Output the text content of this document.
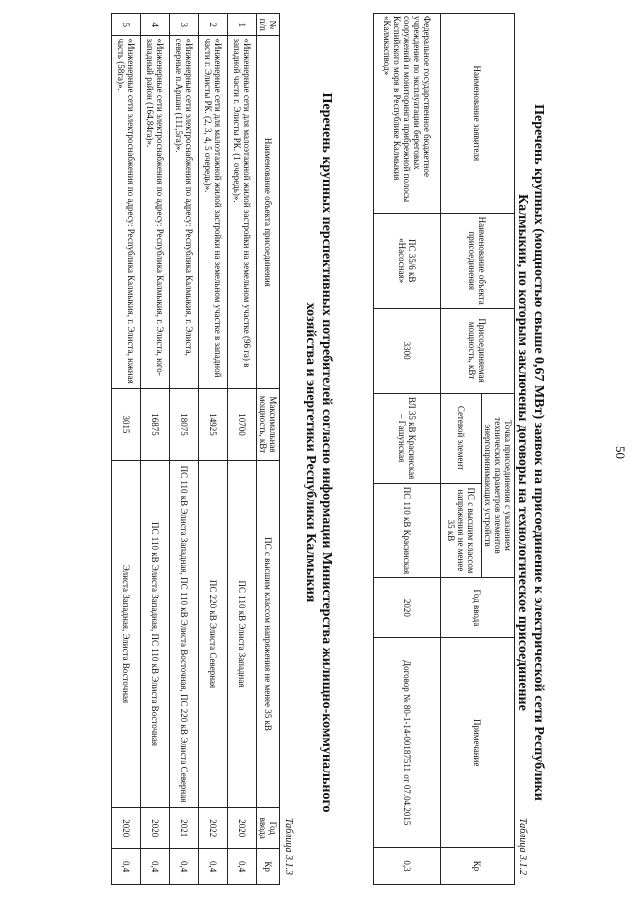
50
Перечень крупных (мощностью свыше 0,67 МВт) заявок на присоединение к электрической сети Республики
Калмыкии, по которым заключены договоры на технологическое присоединение
Таблица 3.1.2
Наименование заявителя	Наименование объекта присоединения	Присоединяемая мощность, кВт	Точка присоединения с указанием технических параметров элементов энергопринимающих устройств		Год ввода	Примечание	Кр
			Сетевой элемент	ПС с высшим классом напряжения не менее 35 кВ			
Федеральное государственное бюджетное учреждение по эксплуатации береговых сооружений и мониторинга прибрежной полосы Каспийского моря в Республике Калмыкия «Калмкаспвод»	ПС 35/6 кВ «Насосная»	3300	ВЛ 35 кВ Красинская – Гашунская	ПС 110 кВ Красинская	2020	Договор № 80-1-14-00187511 от 07.04.2015	0,3
Перечень крупных перспективных потребителей согласно информации Министерства жилищно-коммунального
хозяйства и энергетики Республики Калмыкия
Таблица 3.1.3
№ п/п	Наименование объекта присоединения	Максимальная мощность, кВт	ПС с высшим классом напряжения не менее 35 кВ	Год ввода	Кр
1	«Инженерные сети для малоэтажной жилой застройки на земельном участке (96 га) в западной части г. Элисты РК. (1 очередь)».	10700	ПС 110 кВ Элиста Западная	2020	0,4
2	«Инженерные сети для малоэтажной жилой застройки на земельном участке в западной части г. Элисты РК. (2, 3, 4, 5 очередь)».	14925	ПС 220 кВ Элиста Северная	2022	0,4
3	«Инженерные сети электроснабжения по адресу: Республика Калмыкия, г. Элиста, северные п.Аршан (111,5га)».	18075	ПС 110 кВ Элиста Западная, ПС 110 кВ Элиста Восточная, ПС 220 кВ Элиста Северная	2021	0,4
4	«Инженерные сети электроснабжения по адресу: Республика Калмыкия, г. Элиста, юго-западный район (164,84га)».	16875	ПС 110 кВ Элиста Западная, ПС 110 кВ Элиста Восточная	2020	0,4
5	«Инженерные сети электроснабжения по адресу: Республика Калмыкия, г. Элиста, южная часть (58га)».	3015	Элиста Западная, Элиста Восточная	2020	0,4
